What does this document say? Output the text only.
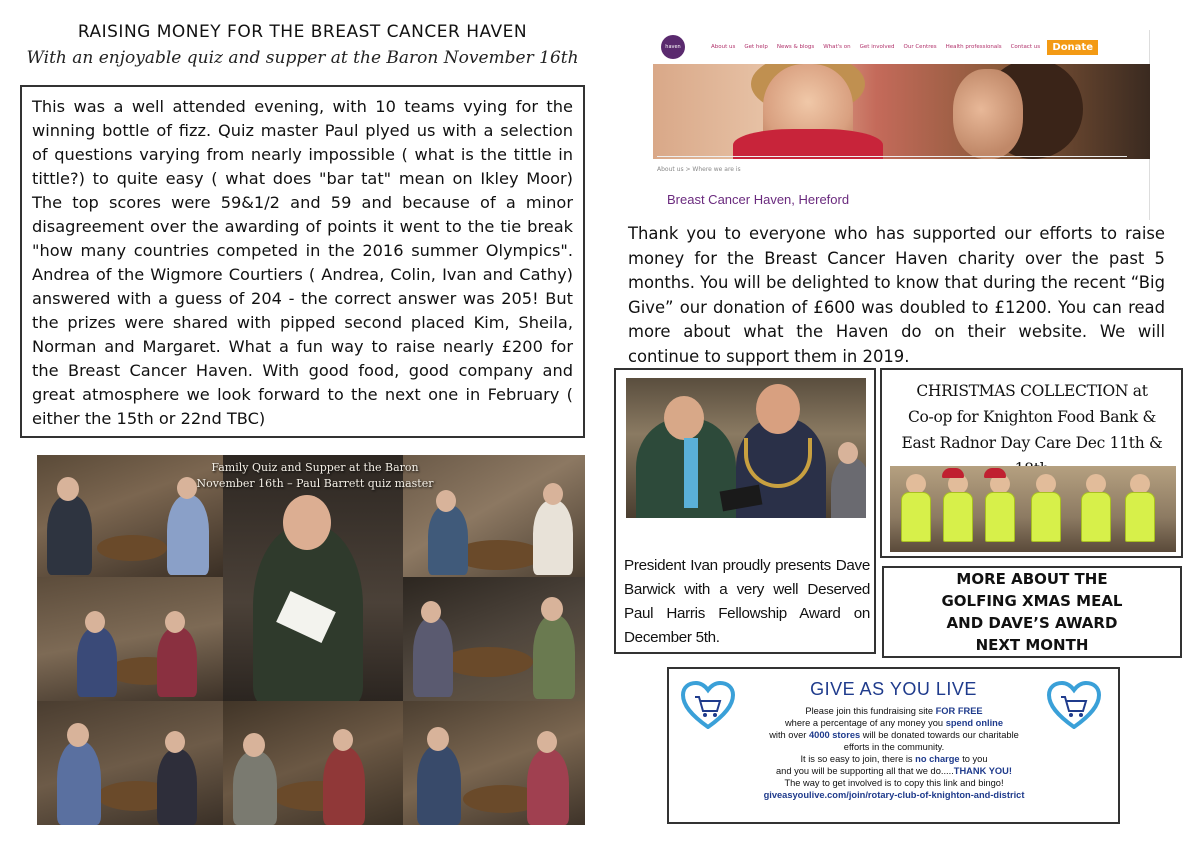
RAISING MONEY FOR THE BREAST CANCER HAVEN
With an enjoyable quiz and supper at the Baron November 16th

This was a well attended evening, with 10 teams vying for the winning bottle of fizz. Quiz master Paul plyed us with a selection of questions varying from nearly impossible ( what is the tittle in tittle?) to quite easy ( what does "bar tat" mean on Ikley Moor) The top scores were 59&1/2 and 59 and because of a minor disagreement over the awarding of points it went to the tie break "how many countries competed in the 2016 summer Olympics". Andrea of the Wigmore Courtiers ( Andrea, Colin, Ivan and Cathy) answered with a guess of 204 - the correct answer was 205! But the prizes were shared with pipped second placed Kim, Sheila, Norman and Margaret. What a fun way to raise nearly £200 for the Breast Cancer Haven. With good food, good company and great atmosphere we look forward to the next one in February ( either the 15th or 22nd TBC)

Family Quiz and Supper at the Baron
November 16th – Paul Barrett quiz master
haven	About us Get help News & blogs What's on Get involved Our Centres Health professionals Contact us	Donate
About us > Where we are is
Breast Cancer Haven, Hereford

Thank you to everyone who has supported our efforts to raise money for the Breast Cancer Haven charity over the past 5 months. You will be delighted to know that during the recent “Big Give” our donation of £600 was doubled to £1200. You can read more about what the Haven do on their website. We will continue to support them in 2019.

President Ivan proudly presents Dave Barwick with a very well Deserved Paul Harris Fellowship Award on December 5th.

CHRISTMAS COLLECTION at
Co-op for Knighton Food Bank &
East Radnor Day Care Dec 11th &
MORE ABOUT THE
GOLFING XMAS MEAL
AND DAVE’S AWARD
NEXT MONTH
GIVE AS YOU LIVE
Please join this fundraising site FOR FREE
where a percentage of any money you spend online
with over 4000 stores will be donated towards our charitable
efforts in the community.
It is so easy to join, there is no charge to you
and you will be supporting all that we do.....THANK YOU!
The way to get involved is to copy this link and bingo!
giveasyoulive.com/join/rotary-club-of-knighton-and-district
